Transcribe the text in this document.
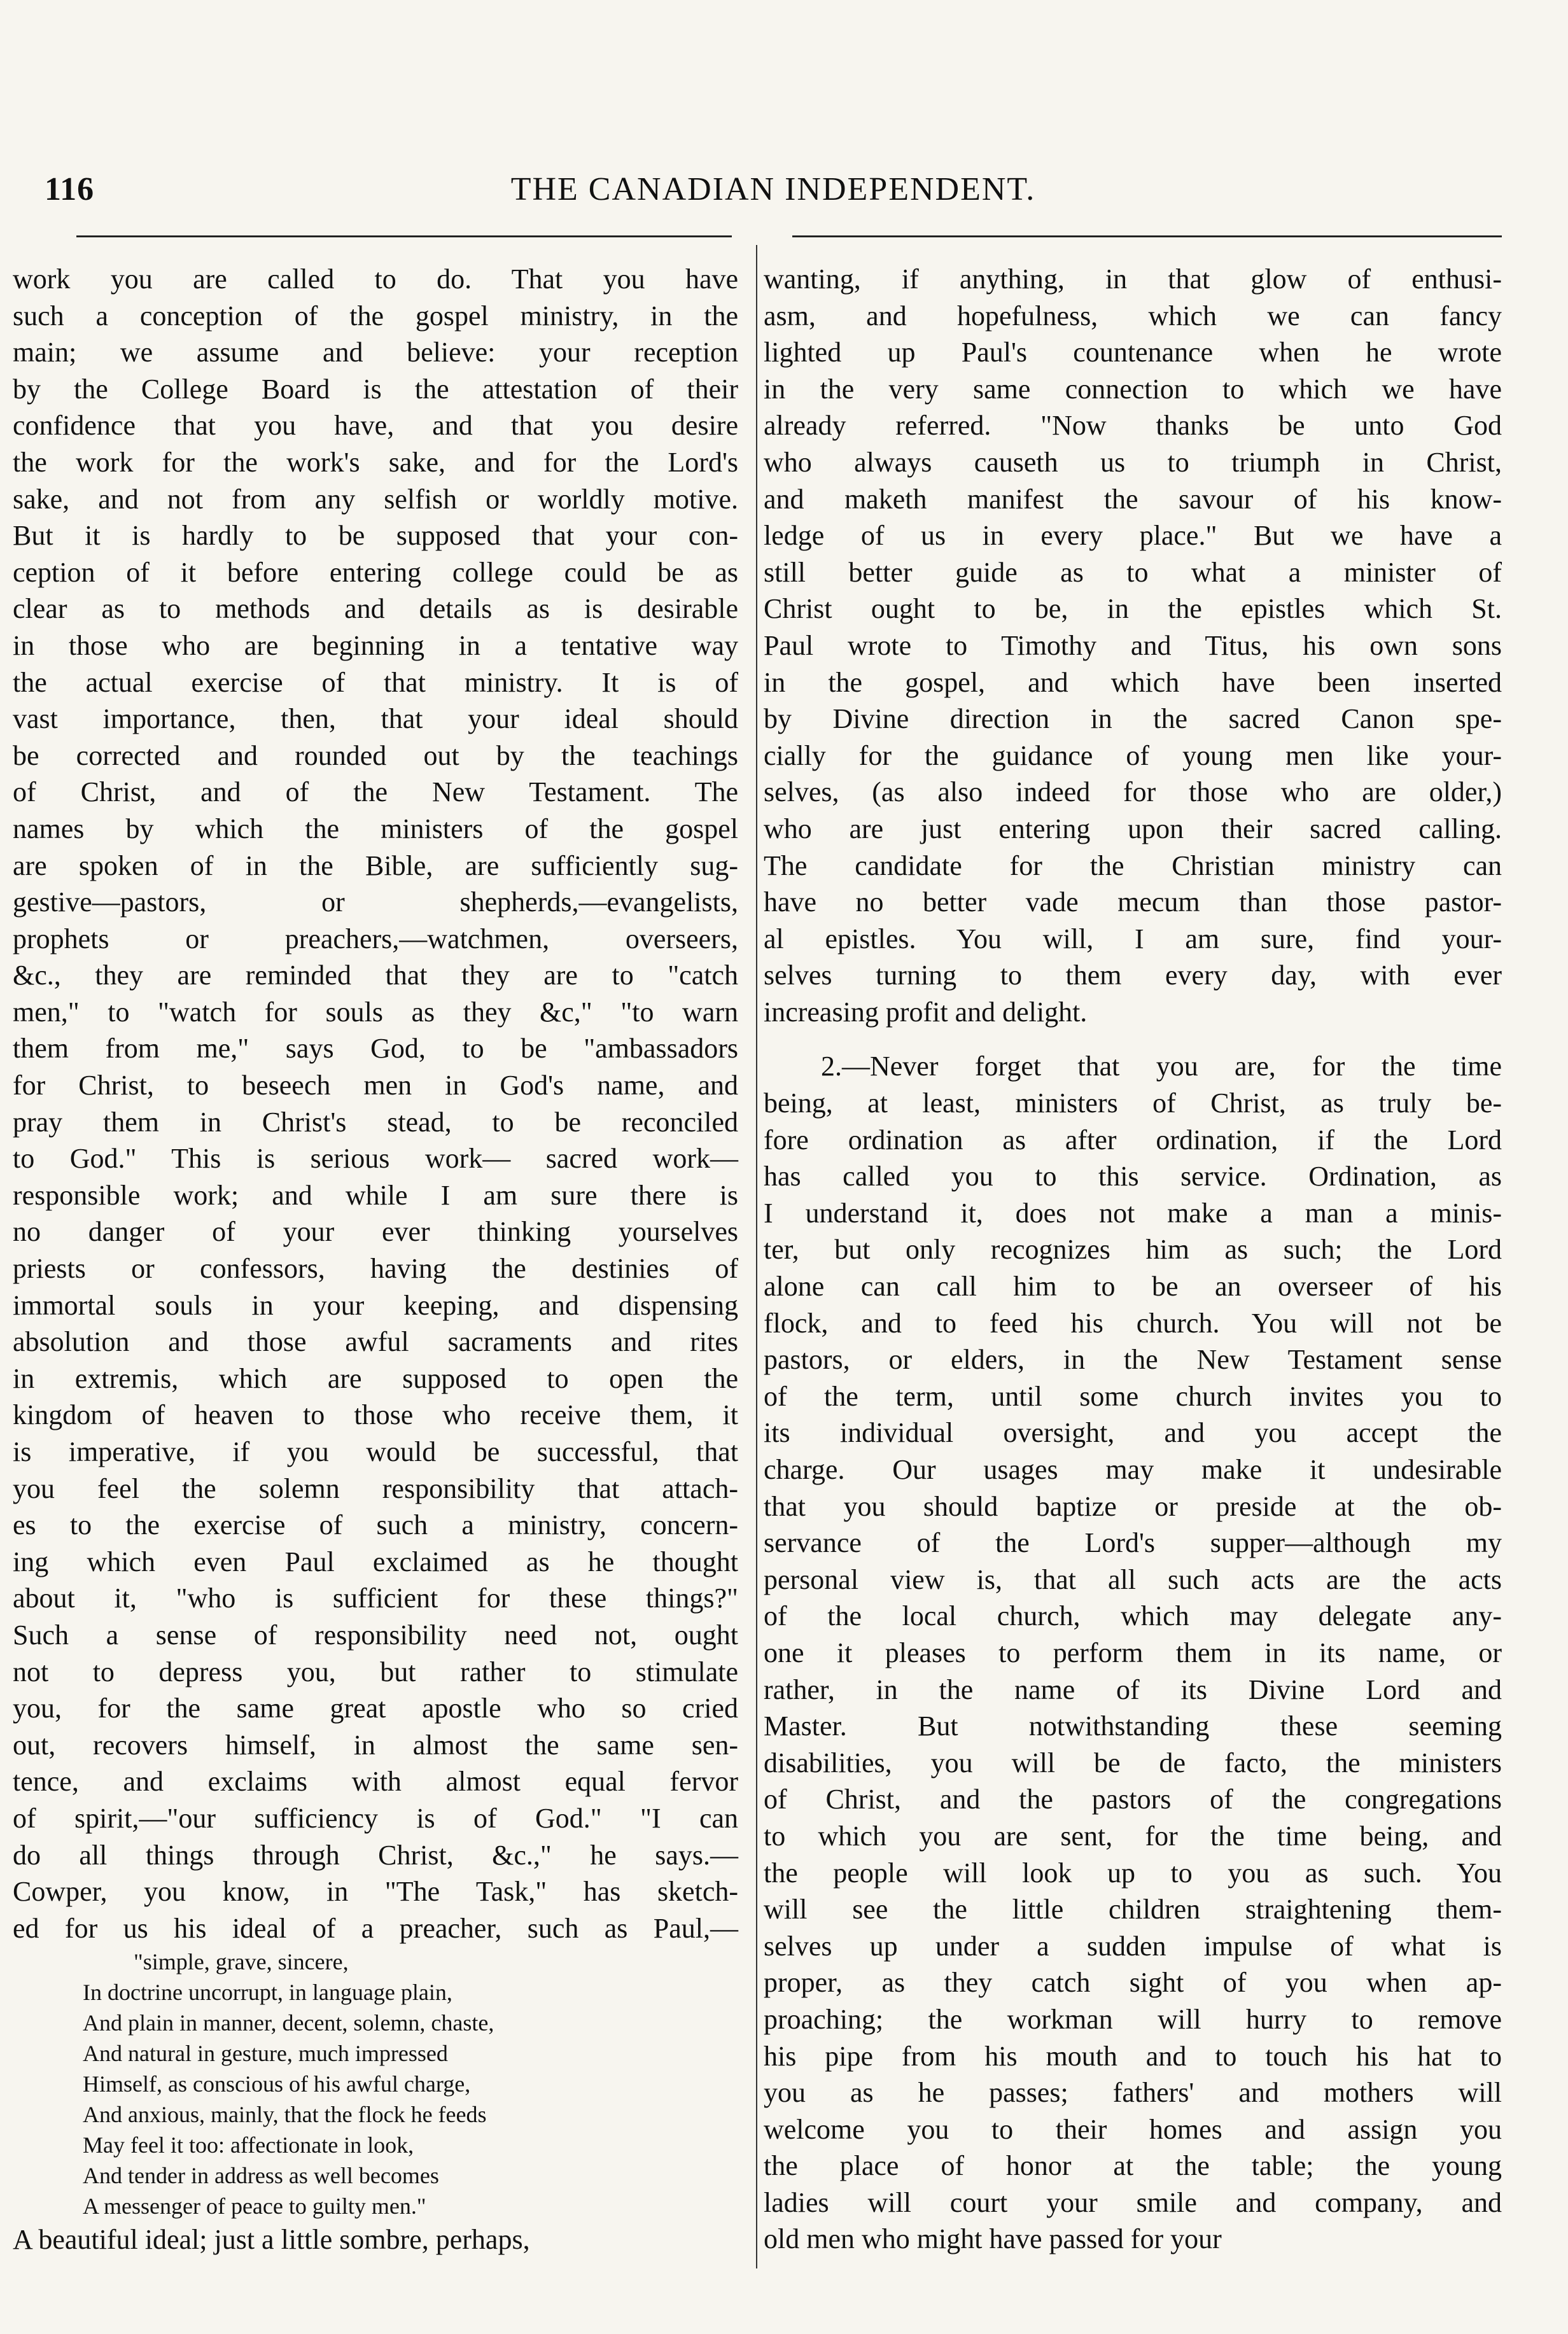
116	THE CANADIAN INDEPENDENT.
work you are called to do. That you have
such a conception of the gospel ministry, in the
main; we assume and believe: your reception
by the College Board is the attestation of their
confidence that you have, and that you desire
the work for the work's sake, and for the Lord's
sake, and not from any selfish or worldly motive.
But it is hardly to be supposed that your con-
ception of it before entering college could be as
clear as to methods and details as is desirable
in those who are beginning in a tentative way
the actual exercise of that ministry. It is of
vast importance, then, that your ideal should
be corrected and rounded out by the teachings
of Christ, and of the New Testament. The
names by which the ministers of the gospel
are spoken of in the Bible, are sufficiently sug-
gestive—pastors, or shepherds,—evangelists,
prophets or preachers,—watchmen, overseers,
&c., they are reminded that they are to "catch
men," to "watch for souls as they &c," "to warn
them from me," says God, to be "ambassadors
for Christ, to beseech men in God's name, and
pray them in Christ's stead, to be reconciled
to God." This is serious work— sacred work—
responsible work; and while I am sure there is
no danger of your ever thinking yourselves
priests or confessors, having the destinies of
immortal souls in your keeping, and dispensing
absolution and those awful sacraments and rites
in extremis, which are supposed to open the
kingdom of heaven to those who receive them, it
is imperative, if you would be successful, that
you feel the solemn responsibility that attach-
es to the exercise of such a ministry, concern-
ing which even Paul exclaimed as he thought
about it, "who is sufficient for these things?"
Such a sense of responsibility need not, ought
not to depress you, but rather to stimulate
you, for the same great apostle who so cried
out, recovers himself, in almost the same sen-
tence, and exclaims with almost equal fervor
of spirit,—"our sufficiency is of God." "I can
do all things through Christ, &c.," he says.—
Cowper, you know, in "The Task," has sketch-
ed for us his ideal of a preacher, such as Paul,—
"simple, grave, sincere,
In doctrine uncorrupt, in language plain,
And plain in manner, decent, solemn, chaste,
And natural in gesture, much impressed
Himself, as conscious of his awful charge,
And anxious, mainly, that the flock he feeds
May feel it too: affectionate in look,
And tender in address as well becomes
A messenger of peace to guilty men."
A beautiful ideal; just a little sombre, perhaps,
wanting, if anything, in that glow of enthusi-
asm, and hopefulness, which we can fancy
lighted up Paul's countenance when he wrote
in the very same connection to which we have
already referred. "Now thanks be unto God
who always causeth us to triumph in Christ,
and maketh manifest the savour of his know-
ledge of us in every place." But we have a
still better guide as to what a minister of
Christ ought to be, in the epistles which St.
Paul wrote to Timothy and Titus, his own sons
in the gospel, and which have been inserted
by Divine direction in the sacred Canon spe-
cially for the guidance of young men like your-
selves, (as also indeed for those who are older,)
who are just entering upon their sacred calling.
The candidate for the Christian ministry can
have no better vade mecum than those pastor-
al epistles. You will, I am sure, find your-
selves turning to them every day, with ever
increasing profit and delight.
2.—Never forget that you are, for the time
being, at least, ministers of Christ, as truly be-
fore ordination as after ordination, if the Lord
has called you to this service. Ordination, as
I understand it, does not make a man a minis-
ter, but only recognizes him as such; the Lord
alone can call him to be an overseer of his
flock, and to feed his church. You will not be
pastors, or elders, in the New Testament sense
of the term, until some church invites you to
its individual oversight, and you accept the
charge. Our usages may make it undesirable
that you should baptize or preside at the ob-
servance of the Lord's supper—although my
personal view is, that all such acts are the acts
of the local church, which may delegate any-
one it pleases to perform them in its name, or
rather, in the name of its Divine Lord and
Master. But notwithstanding these seeming
disabilities, you will be de facto, the ministers
of Christ, and the pastors of the congregations
to which you are sent, for the time being, and
the people will look up to you as such. You
will see the little children straightening them-
selves up under a sudden impulse of what is
proper, as they catch sight of you when ap-
proaching; the workman will hurry to remove
his pipe from his mouth and to touch his hat to
you as he passes; fathers' and mothers will
welcome you to their homes and assign you
the place of honor at the table; the young
ladies will court your smile and company, and
old men who might have passed for your
